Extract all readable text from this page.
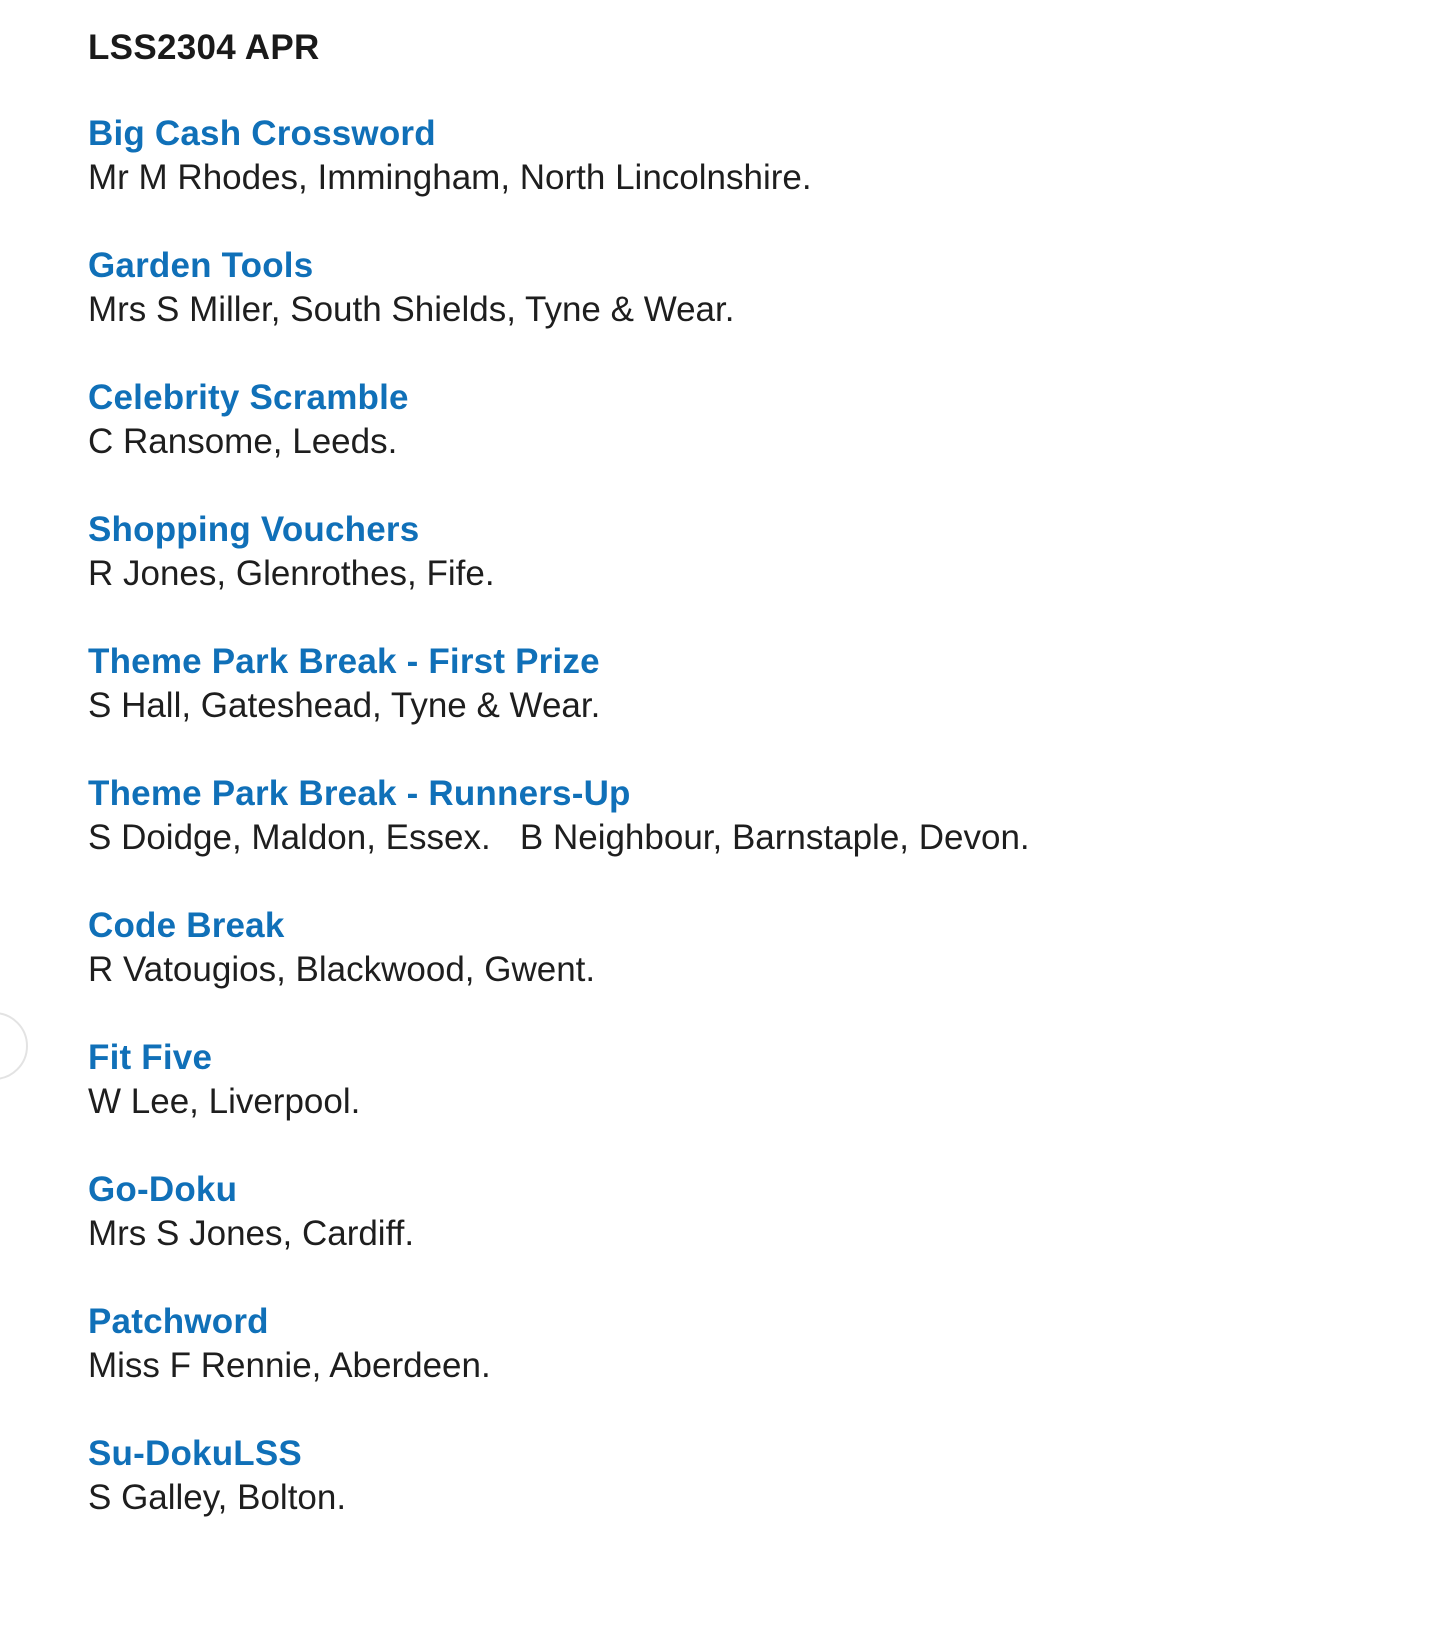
LSS2304 APR
Big Cash Crossword
Mr M Rhodes, Immingham, North Lincolnshire.
Garden Tools
Mrs S Miller, South Shields, Tyne & Wear.
Celebrity Scramble
C Ransome, Leeds.
Shopping Vouchers
R Jones, Glenrothes, Fife.
Theme Park Break - First Prize
S Hall, Gateshead, Tyne & Wear.
Theme Park Break - Runners-Up
S Doidge, Maldon, Essex.   B Neighbour, Barnstaple, Devon.
Code Break
R Vatougios, Blackwood, Gwent.
Fit Five
W Lee, Liverpool.
Go-Doku
Mrs S Jones, Cardiff.
Patchword
Miss F Rennie, Aberdeen.
Su-DokuLSS
S Galley, Bolton.
